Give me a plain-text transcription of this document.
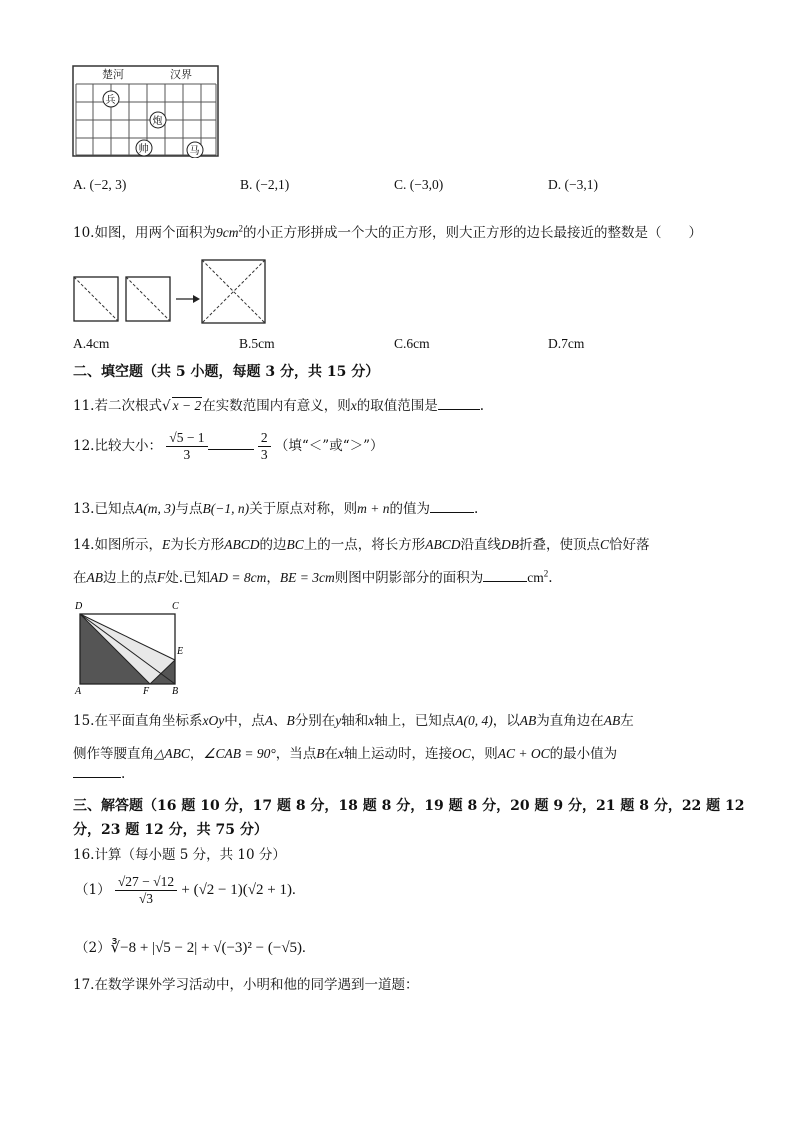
楚河	汉界
兵
炮
帅	马
A. (−2, 3)	B. (−2,1)	C. (−3,0)	D. (−3,1)
10.如图，用两个面积为$9cm^2$的小正方形拼成一个大的正方形，则大正方形的边长最接近的整数是（　　）
A.4cm	B.5cm	C.6cm	D.7cm
二、填空题（共 5 小题，每题 3 分，共 15 分）
11.若二次根式√ x − 2在实数范围内有意义，则x的取值范围是	.
12.比较大小： $\frac{√5 - 1}{3}$
	$\frac{2}{3}$ （填“＜”或“＞”）
13.已知点A(m, 3)与点B(−1, n)关于原点对称，则m + n的值为	.
14.如图所示，E为长方形ABCD的边BC上的一点，将长方形ABCD沿直线DB折叠，使顶点C恰好落
在AB边上的点F处.已知AD = 8cm，BE = 3cm则图中阴影部分的面积为	$cm^2$.
D	C
E
A	F B
15.在平面直角坐标系xOy中，点A、B分别在y轴和x轴上，已知点A(0, 4)，以AB为直角边在AB左
侧作等腰直角△ABC，∠CAB = 90°，当点B在x轴上运动时，连接OC，则AC + OC的最小值为
.
三、解答题（16 题 10 分，17 题 8 分，18 题 8 分，19 题 8 分，20 题 9 分，21 题 8 分，22 题 12
分，23 题 12 分，共 75 分）
16.计算（每小题 5 分，共 10 分）
$(1) \frac{√27 - √12}{√3} + (√2 - 1)(√2 + 1)$.
（2）∛−8 + |√5 − 2| + √(−3)² − (−√5).
17.在数学课外学习活动中，小明和他的同学遇到一道题：
